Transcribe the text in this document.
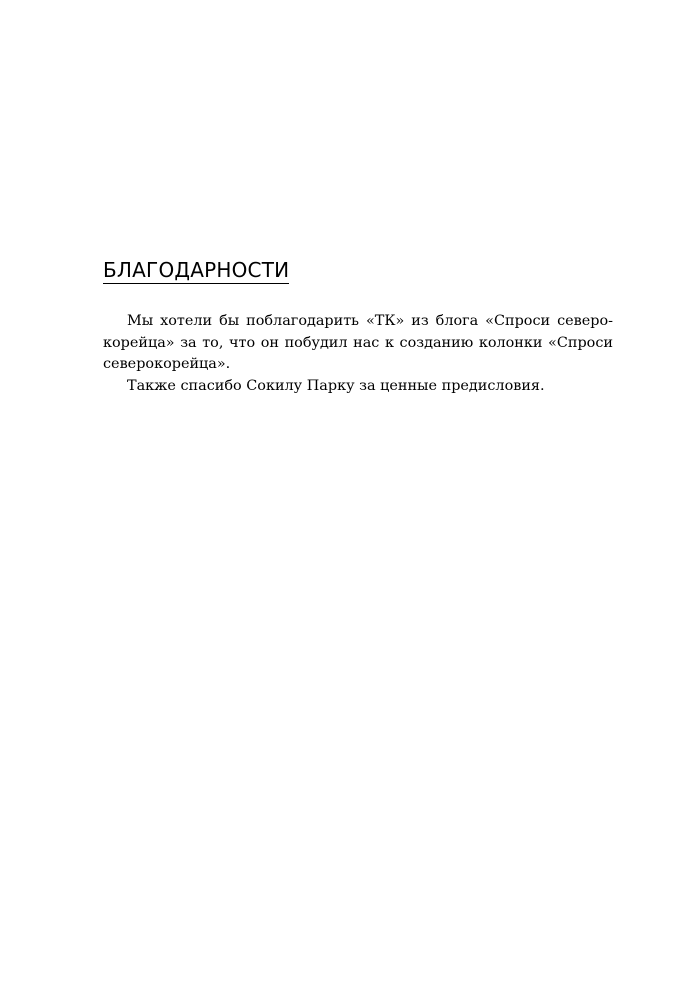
БЛАГОДАРНОСТИ
Мы хотели бы поблагодарить «ТК» из блога «Спроси северо-
корейца» за то, что он побудил нас к созданию колонки «Спроси
северокорейца».
Также спасибо Сокилу Парку за ценные предисловия.
